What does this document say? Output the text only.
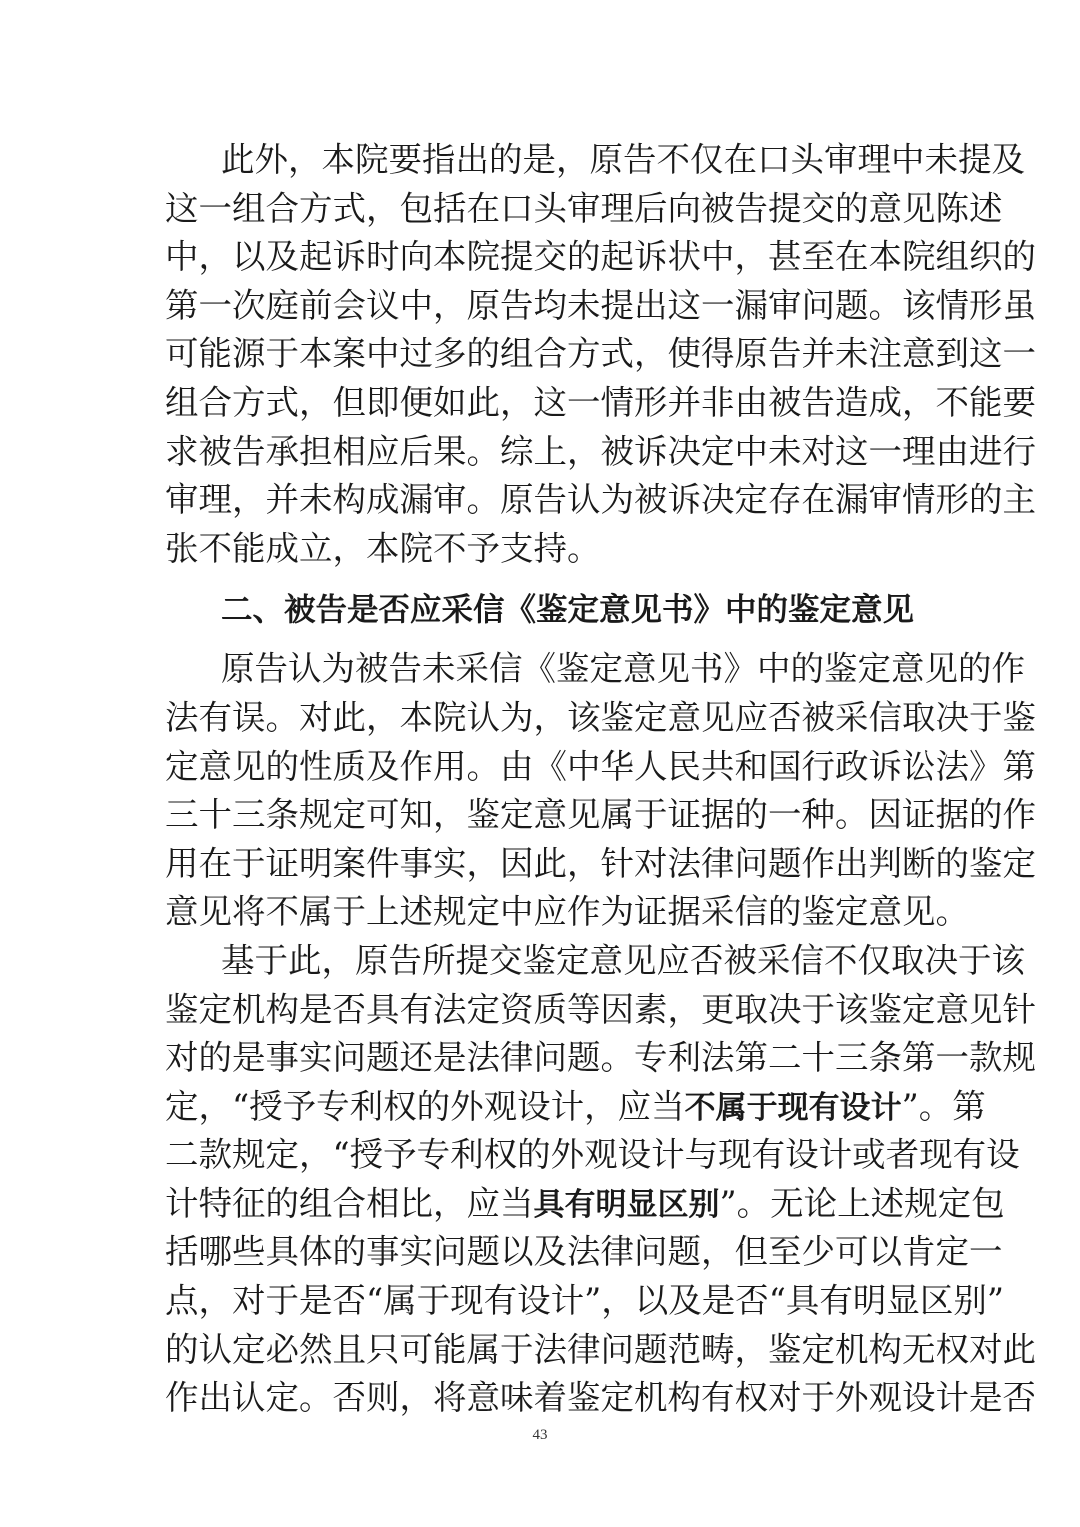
此外，本院要指出的是，原告不仅在口头审理中未提及
这一组合方式，包括在口头审理后向被告提交的意见陈述
中，以及起诉时向本院提交的起诉状中，甚至在本院组织的
第一次庭前会议中，原告均未提出这一漏审问题。该情形虽
可能源于本案中过多的组合方式，使得原告并未注意到这一
组合方式，但即便如此，这一情形并非由被告造成，不能要
求被告承担相应后果。综上，被诉决定中未对这一理由进行
审理，并未构成漏审。原告认为被诉决定存在漏审情形的主
张不能成立，本院不予支持。
二、被告是否应采信《鉴定意见书》中的鉴定意见
原告认为被告未采信《鉴定意见书》中的鉴定意见的作
法有误。对此，本院认为，该鉴定意见应否被采信取决于鉴
定意见的性质及作用。由《中华人民共和国行政诉讼法》第
三十三条规定可知，鉴定意见属于证据的一种。因证据的作
用在于证明案件事实，因此，针对法律问题作出判断的鉴定
意见将不属于上述规定中应作为证据采信的鉴定意见。
基于此，原告所提交鉴定意见应否被采信不仅取决于该
鉴定机构是否具有法定资质等因素，更取决于该鉴定意见针
对的是事实问题还是法律问题。专利法第二十三条第一款规
定，“授予专利权的外观设计，应当不属于现有设计”。第
二款规定，“授予专利权的外观设计与现有设计或者现有设
计特征的组合相比，应当具有明显区别”。无论上述规定包
括哪些具体的事实问题以及法律问题，但至少可以肯定一
点，对于是否“属于现有设计”，以及是否“具有明显区别”
的认定必然且只可能属于法律问题范畴，鉴定机构无权对此
作出认定。否则，将意味着鉴定机构有权对于外观设计是否
43
